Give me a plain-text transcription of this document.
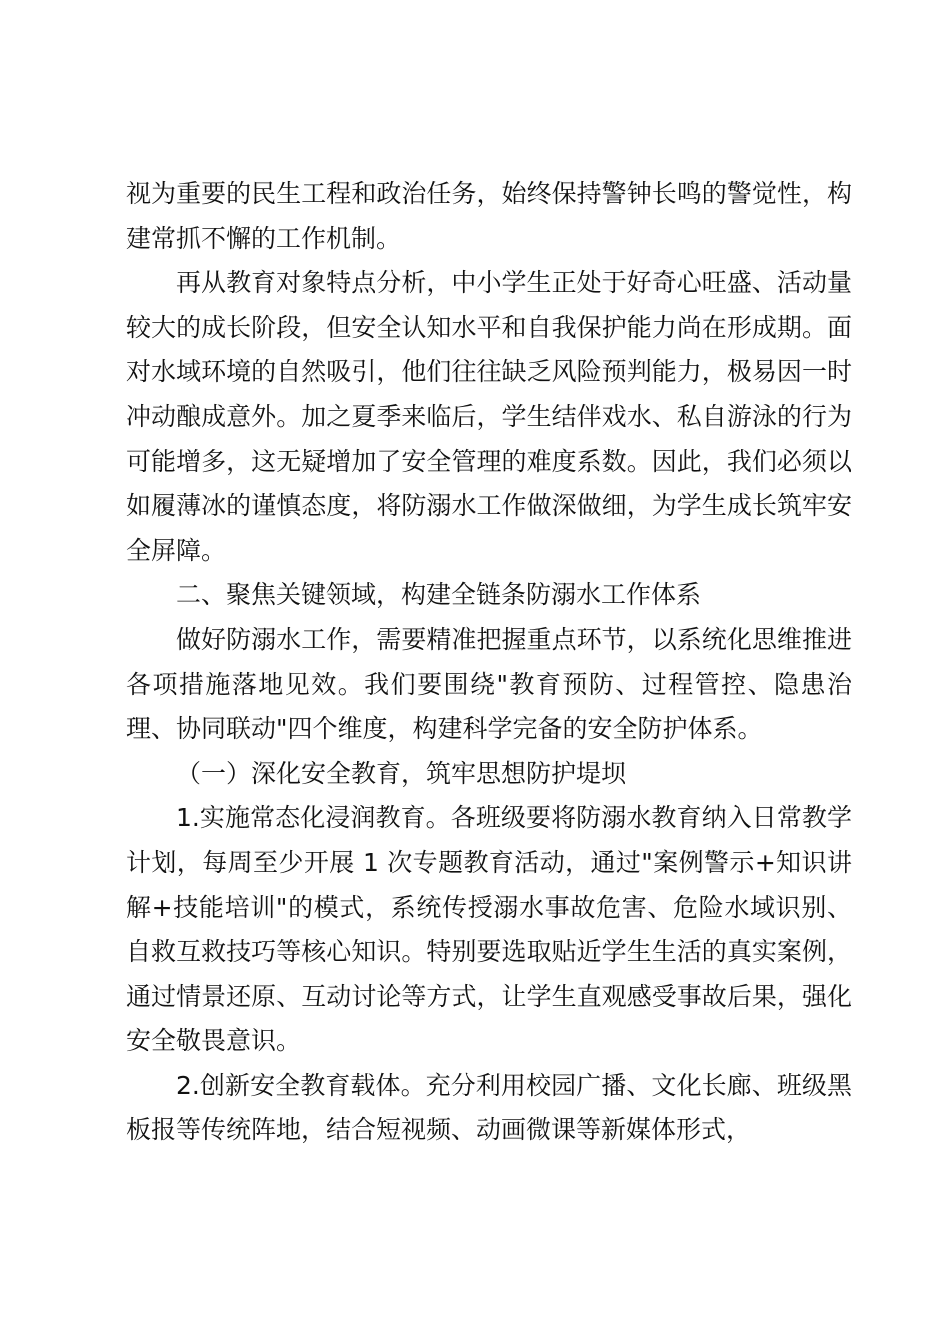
视为重要的民生工程和政治任务，始终保持警钟长鸣的警觉性，构建常抓不懈的工作机制。

再从教育对象特点分析，中小学生正处于好奇心旺盛、活动量较大的成长阶段，但安全认知水平和自我保护能力尚在形成期。面对水域环境的自然吸引，他们往往缺乏风险预判能力，极易因一时冲动酿成意外。加之夏季来临后，学生结伴戏水、私自游泳的行为可能增多，这无疑增加了安全管理的难度系数。因此，我们必须以如履薄冰的谨慎态度，将防溺水工作做深做细，为学生成长筑牢安全屏障。

二、聚焦关键领域，构建全链条防溺水工作体系

做好防溺水工作，需要精准把握重点环节，以系统化思维推进各项措施落地见效。我们要围绕"教育预防、过程管控、隐患治理、协同联动"四个维度，构建科学完备的安全防护体系。

（一）深化安全教育，筑牢思想防护堤坝

1.实施常态化浸润教育。各班级要将防溺水教育纳入日常教学计划，每周至少开展 1 次专题教育活动，通过"案例警示+知识讲解+技能培训"的模式，系统传授溺水事故危害、危险水域识别、自救互救技巧等核心知识。特别要选取贴近学生生活的真实案例，通过情景还原、互动讨论等方式，让学生直观感受事故后果，强化安全敬畏意识。

2.创新安全教育载体。充分利用校园广播、文化长廊、班级黑板报等传统阵地，结合短视频、动画微课等新媒体形式，
